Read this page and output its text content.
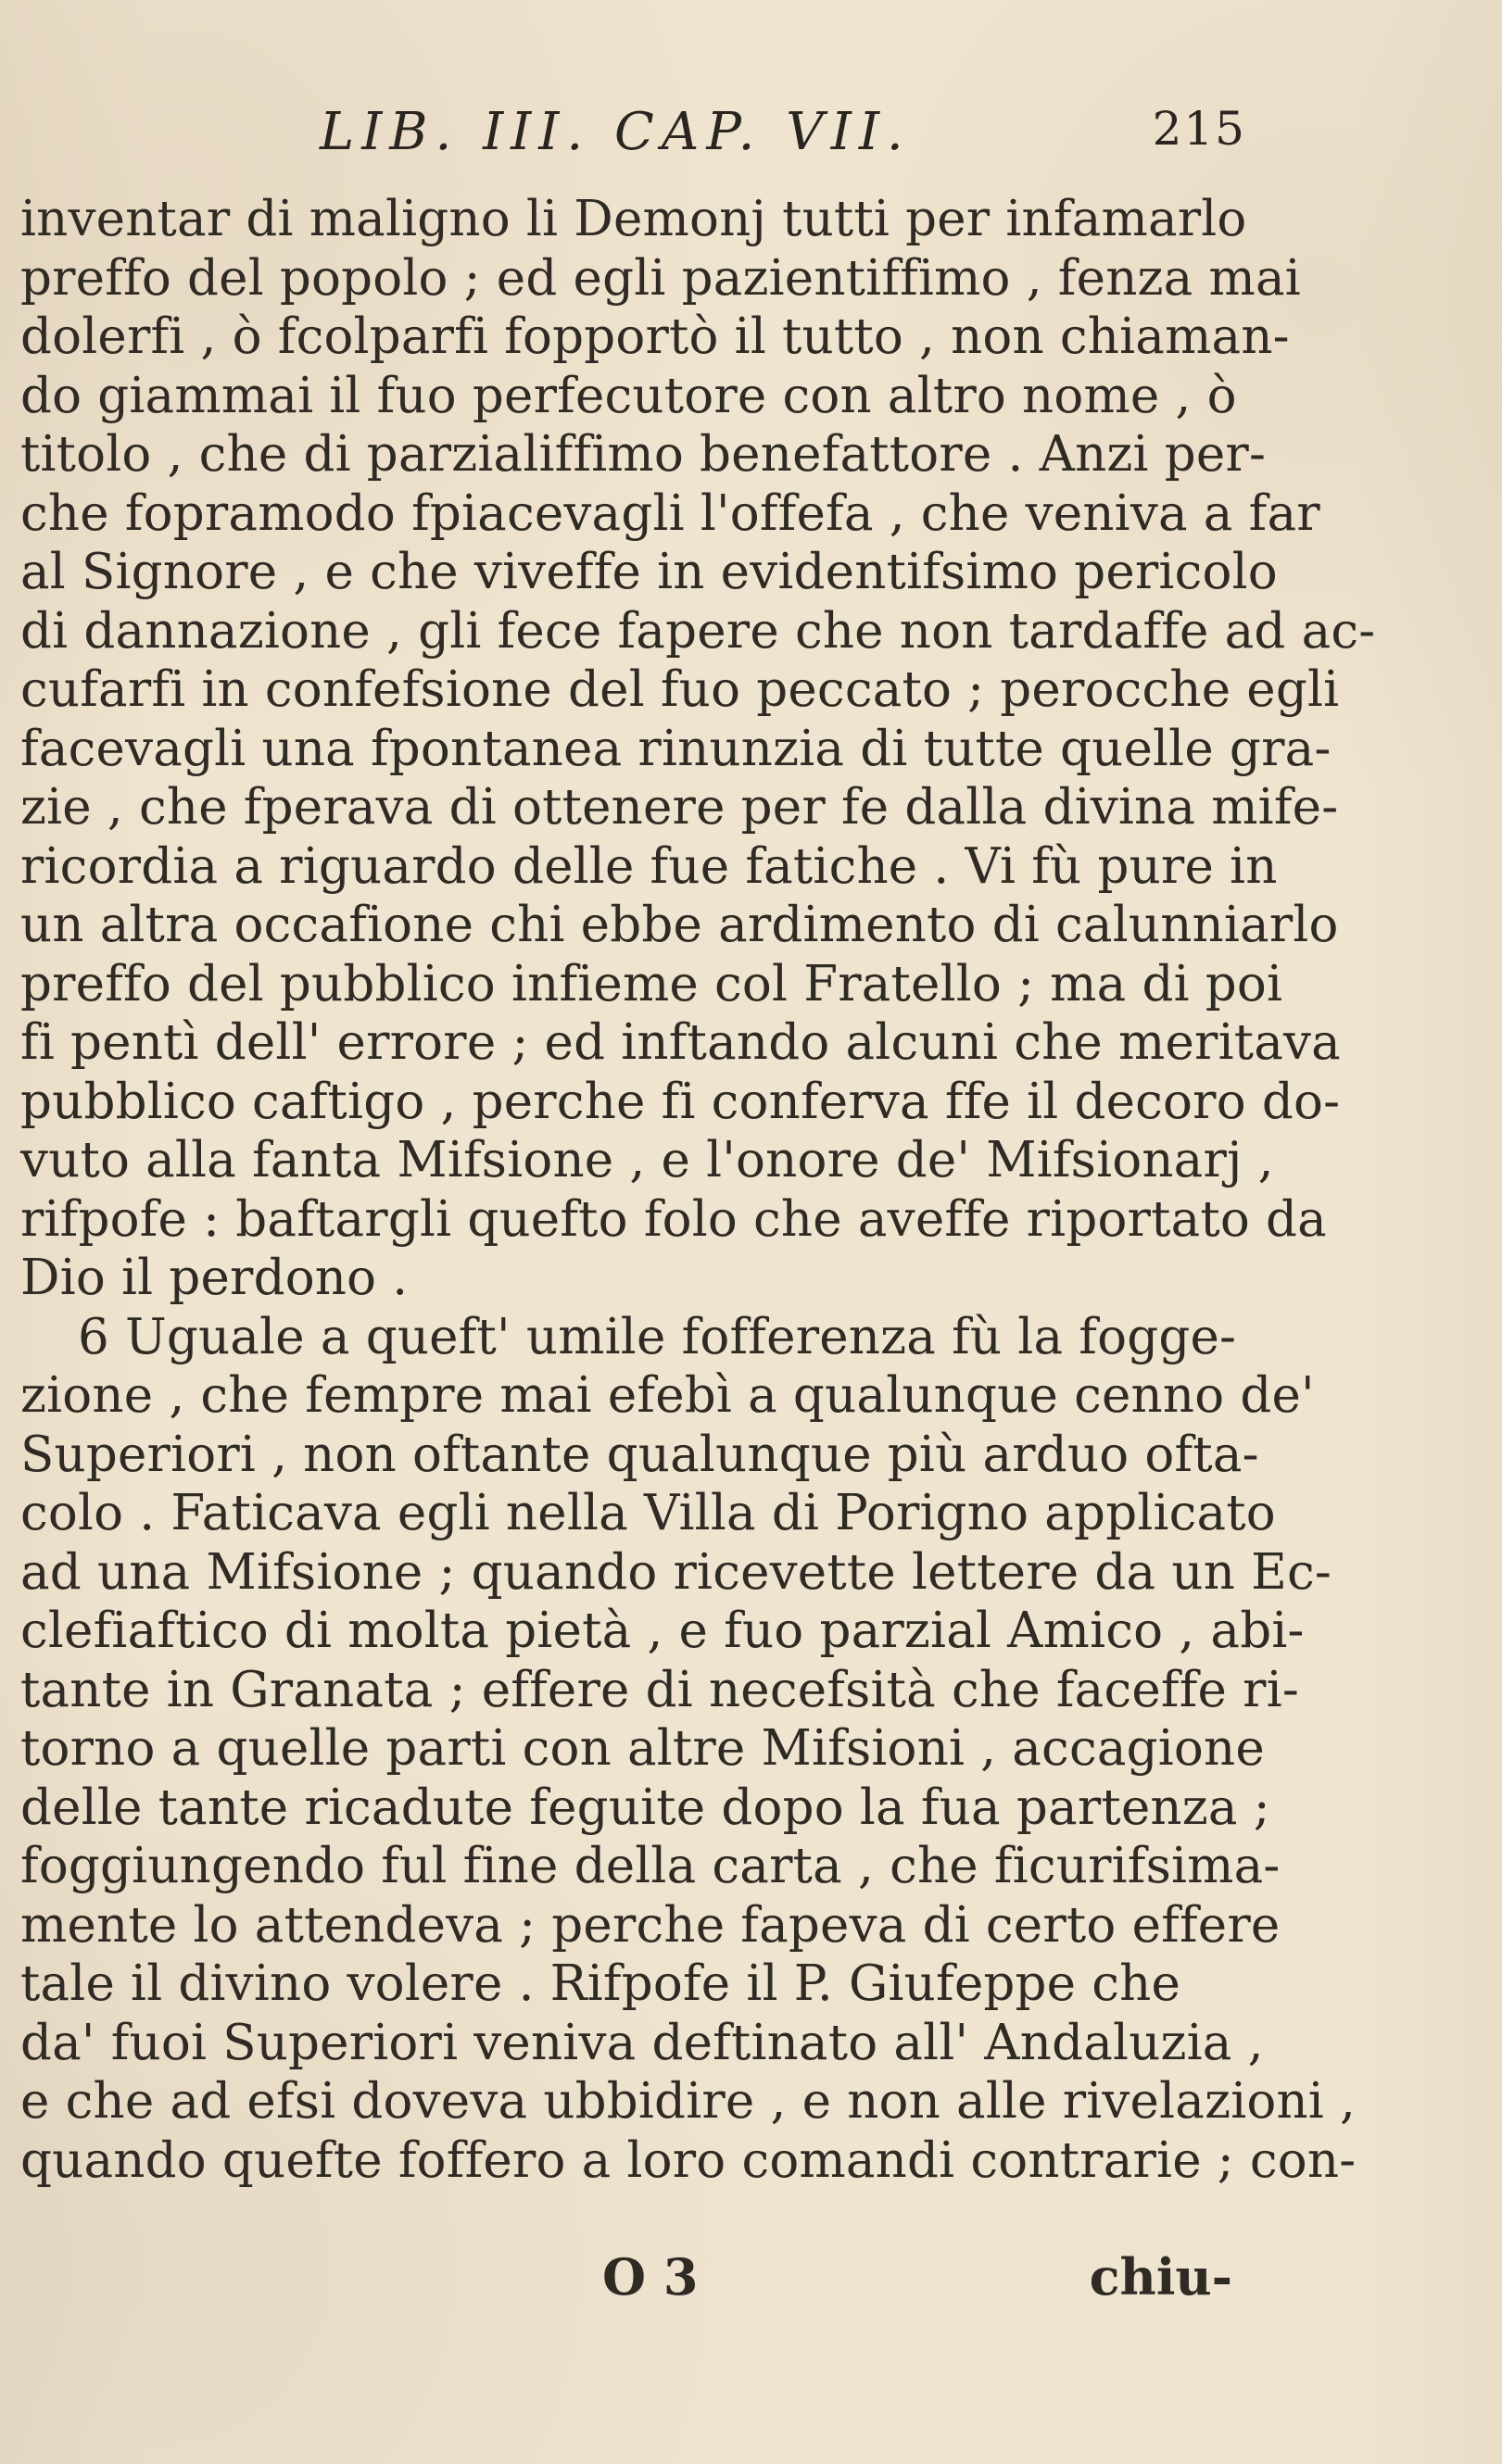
LIB. III. CAP. VII.	215
inventar di maligno li Demonj tutti per infamarlo
preffo del popolo ; ed egli pazientiffimo , fenza mai
dolerfi , ò fcolparfi fopportò il tutto , non chiaman-
do giammai il fuo perfecutore con altro nome , ò
titolo , che di parzialiffimo benefattore . Anzi per-
che fopramodo fpiacevagli l'offefa , che veniva a far
al Signore , e che viveffe in evidentifsimo pericolo
di dannazione , gli fece fapere che non tardaffe ad ac-
cufarfi in confefsione del fuo peccato ; perocche egli
facevagli una fpontanea rinunzia di tutte quelle gra-
zie , che fperava di ottenere per fe dalla divina mife-
ricordia a riguardo delle fue fatiche . Vi fù pure in
un altra occafione chi ebbe ardimento di calunniarlo
preffo del pubblico infieme col Fratello ; ma di poi
fi pentì dell' errore ; ed inftando alcuni che meritava
pubblico caftigo , perche fi conferva ffe il decoro do-
vuto alla fanta Mifsione , e l'onore de' Mifsionarj ,
rifpofe : baftargli quefto folo che aveffe riportato da
Dio il perdono .
6 Uguale a queft' umile fofferenza fù la fogge-
zione , che fempre mai efebì a qualunque cenno de'
Superiori , non oftante qualunque più arduo ofta-
colo . Faticava egli nella Villa di Porigno applicato
ad una Mifsione ; quando ricevette lettere da un Ec-
clefiaftico di molta pietà , e fuo parzial Amico , abi-
tante in Granata ; effere di necefsità che faceffe ri-
torno a quelle parti con altre Mifsioni , accagione
delle tante ricadute feguite dopo la fua partenza ;
foggiungendo ful fine della carta , che ficurifsima-
mente lo attendeva ; perche fapeva di certo effere
tale il divino volere . Rifpofe il P. Giufeppe che
da' fuoi Superiori veniva deftinato all' Andaluzia ,
e che ad efsi doveva ubbidire , e non alle rivelazioni ,
quando quefte foffero a loro comandi contrarie ; con-
O 3	chiu-
